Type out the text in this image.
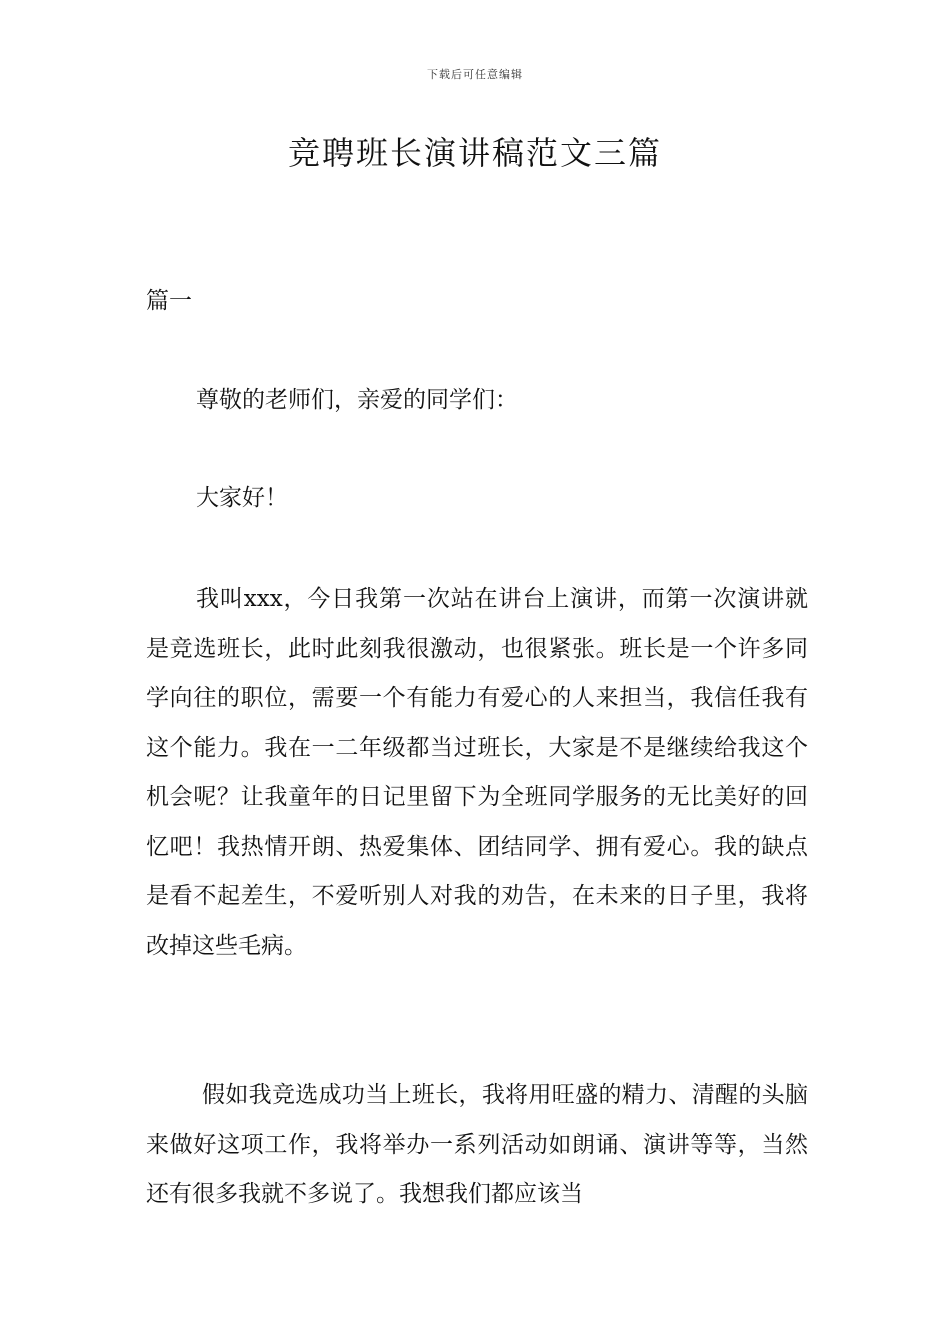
下载后可任意编辑
竞聘班长演讲稿范文三篇
篇一

尊敬的老师们，亲爱的同学们：

大家好！

我叫xxx，今日我第一次站在讲台上演讲，而第一次演讲就是竞选班长，此时此刻我很激动，也很紧张。班长是一个许多同学向往的职位，需要一个有能力有爱心的人来担当，我信任我有这个能力。我在一二年级都当过班长，大家是不是继续给我这个机会呢？让我童年的日记里留下为全班同学服务的无比美好的回忆吧！我热情开朗、热爱集体、团结同学、拥有爱心。我的缺点是看不起差生，不爱听别人对我的劝告，在未来的日子里，我将改掉这些毛病。

假如我竞选成功当上班长，我将用旺盛的精力、清醒的头脑来做好这项工作，我将举办一系列活动如朗诵、演讲等等，当然还有很多我就不多说了。我想我们都应该当
